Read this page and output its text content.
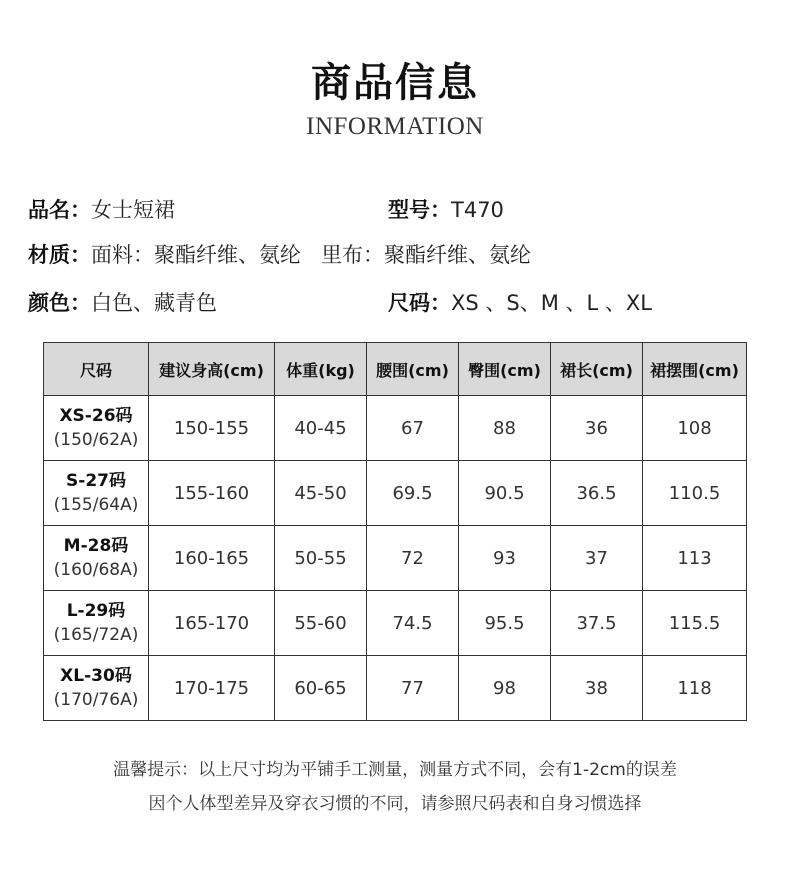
商品信息
INFORMATION
品名：女士短裙	型号：T470
材质：面料：聚酯纤维、氨纶   里布：聚酯纤维、氨纶
颜色：白色、藏青色	尺码：XS 、S、M 、L 、XL
尺码	建议身高(cm)	体重(kg)	腰围(cm)	臀围(cm)	裙长(cm)	裙摆围(cm)

XS-26码
(150/62A)	150-155	40-45	67	88	36	108

S-27码
(155/64A)	155-160	45-50	69.5	90.5	36.5	110.5

M-28码
(160/68A)	160-165	50-55	72	93	37	113

L-29码
(165/72A)	165-170	55-60	74.5	95.5	37.5	115.5

XL-30码
(170/76A)	170-175	60-65	77	98	38	118
温馨提示：以上尺寸均为平铺手工测量，测量方式不同，会有1-2cm的误差
因个人体型差异及穿衣习惯的不同，请参照尺码表和自身习惯选择
